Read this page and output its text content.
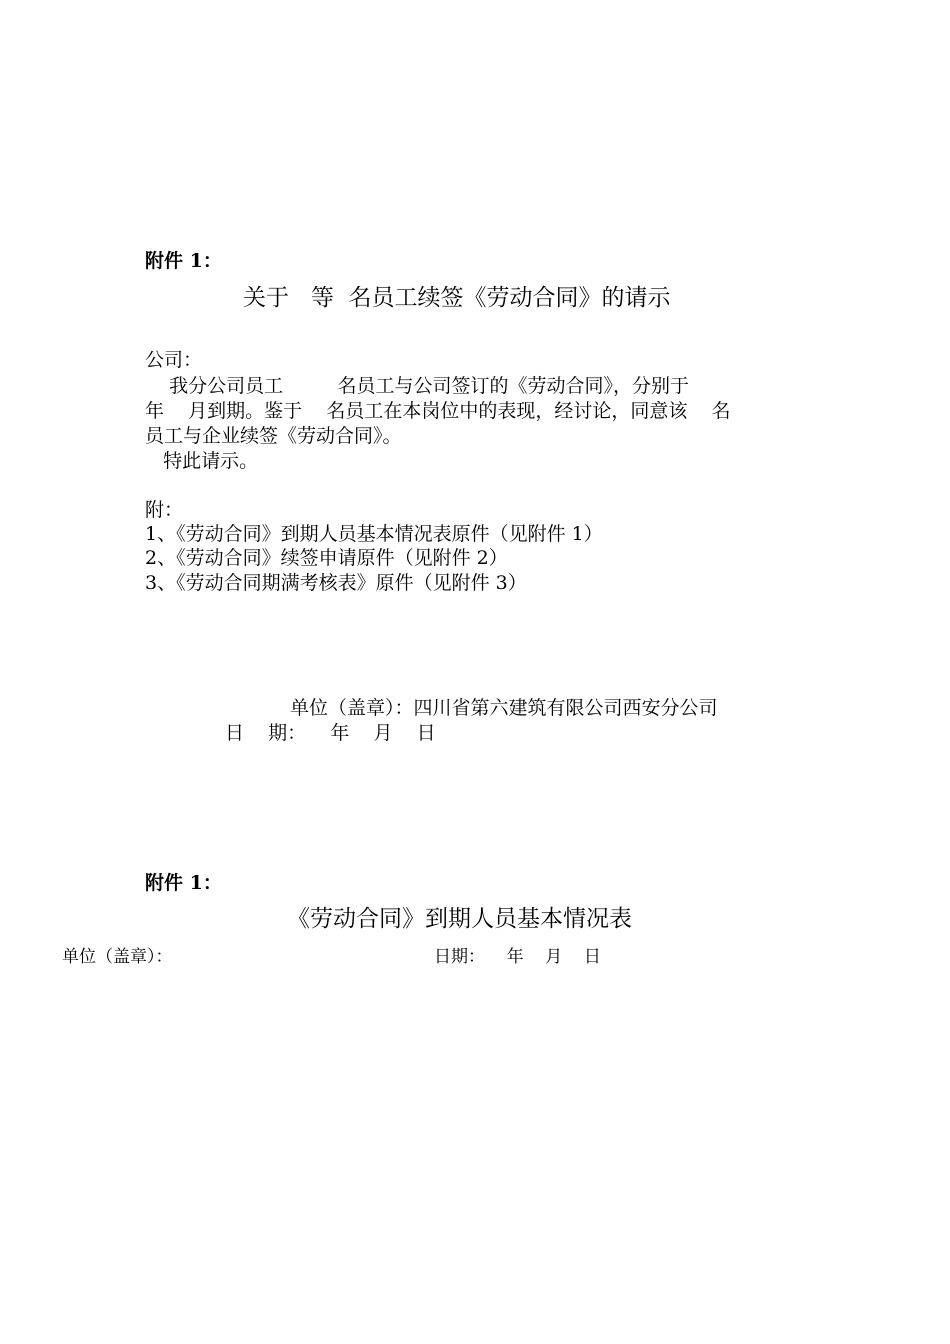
附件 1：
关于   等  名员工续签《劳动合同》的请示
公司：
我分公司员工         名员工与公司签订的《劳动合同》，分别于
年    月到期。鉴于    名员工在本岗位中的表现，经讨论，同意该    名
员工与企业续签《劳动合同》。
特此请示。
附：
1、《劳动合同》到期人员基本情况表原件（见附件 1）
2、《劳动合同》续签申请原件（见附件 2）
3、《劳动合同期满考核表》原件（见附件 3）
单位（盖章）：四川省第六建筑有限公司西安分公司
日    期：    年    月    日
附件 1：
《劳动合同》到期人员基本情况表
单位（盖章）：	日期：    年    月    日
